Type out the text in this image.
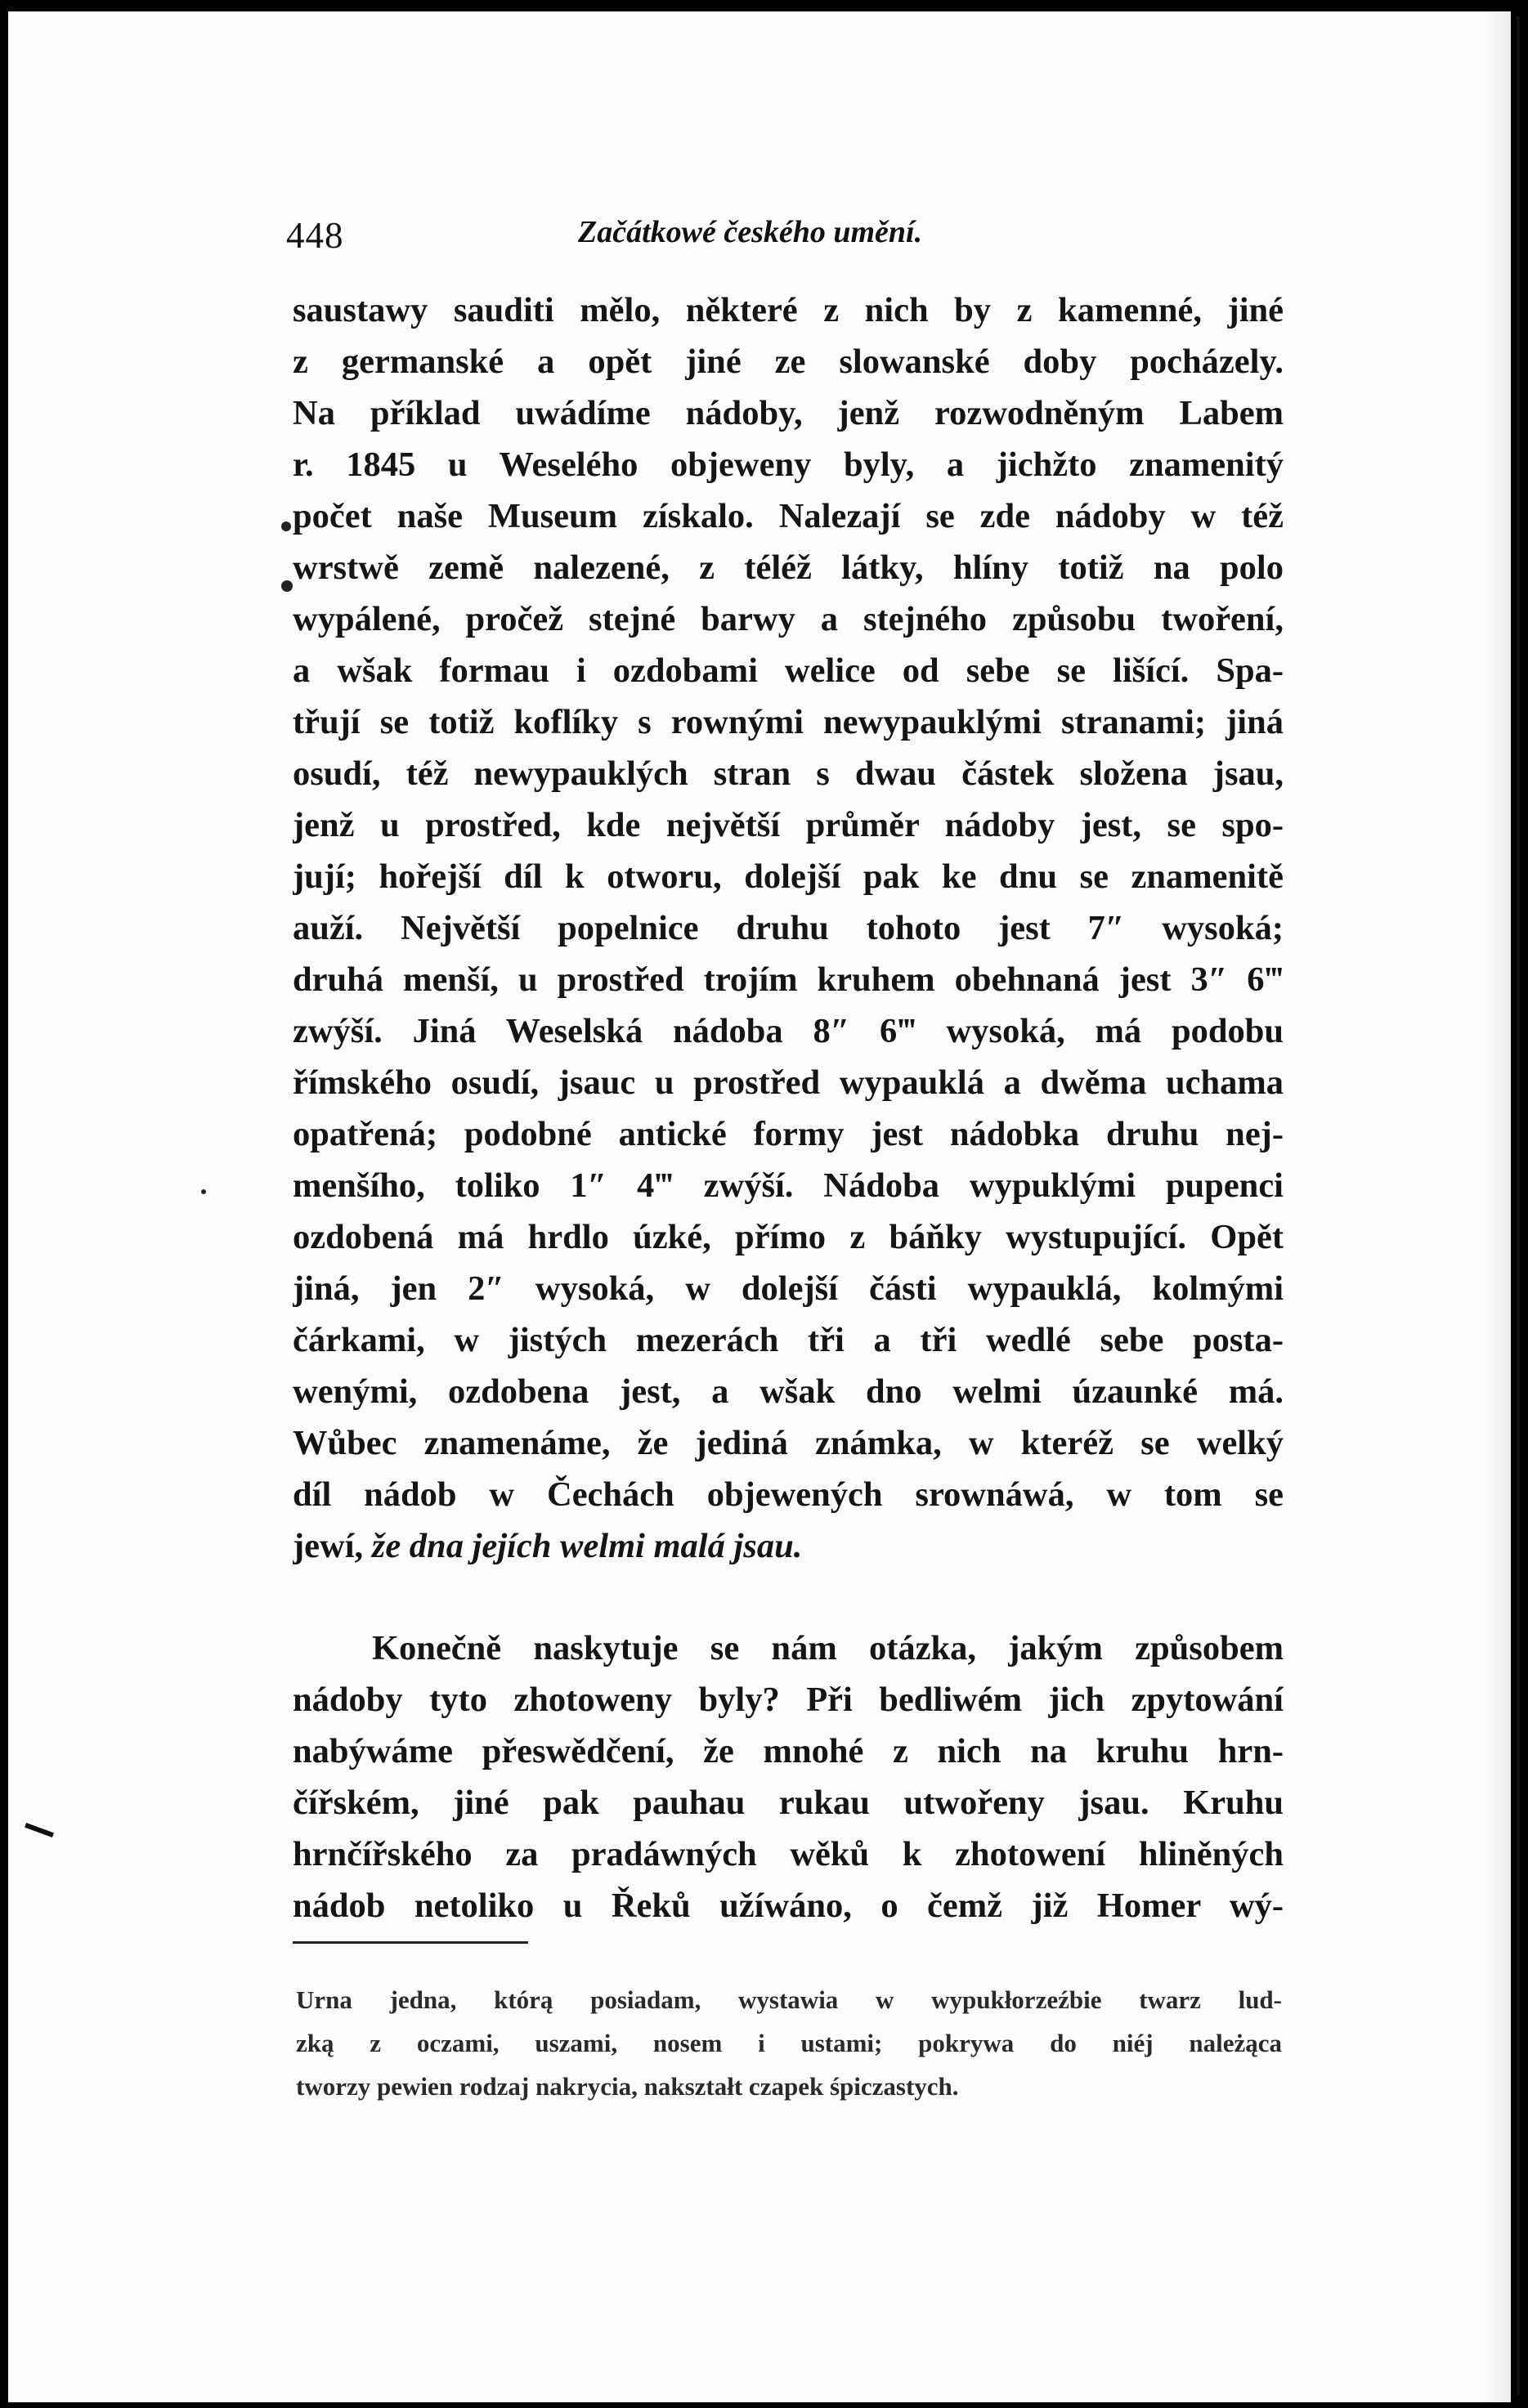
448	Začátkowé českého umění.
saustawy sauditi mělo, některé z nich by z kamenné, jiné
z germanské a opět jiné ze slowanské doby pocházely.
Na příklad uwádíme nádoby, jenž rozwodněným Labem
r. 1845 u Weselého objeweny byly, a jichžto znamenitý
počet naše Museum získalo. Nalezají se zde nádoby w též
wrstwě země nalezené, z téléž látky, hlíny totiž na polo
wypálené, pročež stejné barwy a stejného způsobu twoření,
a wšak formau i ozdobami welice od sebe se lišící. Spa-
třují se totiž koflíky s rownými newypauklými stranami; jiná
osudí, též newypauklých stran s dwau částek složena jsau,
jenž u prostřed, kde největší průměr nádoby jest, se spo-
jují; hořejší díl k otworu, dolejší pak ke dnu se znamenitě
auží. Největší popelnice druhu tohoto jest 7″ wysoká;
druhá menší, u prostřed trojím kruhem obehnaná jest 3″ 6‴
zwýší. Jiná Weselská nádoba 8″ 6‴ wysoká, má podobu
římského osudí, jsauc u prostřed wypauklá a dwěma uchama
opatřená; podobné antické formy jest nádobka druhu nej-
menšího, toliko 1″ 4‴ zwýší. Nádoba wypuklými pupenci
ozdobená má hrdlo úzké, přímo z báňky wystupující. Opět
jiná, jen 2″ wysoká, w dolejší části wypauklá, kolmými
čárkami, w jistých mezerách tři a tři wedlé sebe posta-
wenými, ozdobena jest, a wšak dno welmi úzaunké má.
Wůbec znamenáme, že jediná známka, w kteréž se welký
díl nádob w Čechách objewených srownáwá, w tom se
jewí, že dna jejích welmi malá jsau.
Konečně naskytuje se nám otázka, jakým způsobem
nádoby tyto zhotoweny byly? Při bedliwém jich zpytowání
nabýwáme přeswědčení, že mnohé z nich na kruhu hrn-
čířském, jiné pak pauhau rukau utwořeny jsau. Kruhu
hrnčířského za pradáwných wěků k zhotowení hliněných
nádob netoliko u Řeků užíwáno, o čemž již Homer wý-
Urna jedna, którą posiadam, wystawia w wypukłorzeźbie twarz lud-
zką z oczami, uszami, nosem i ustami; pokrywa do niéj należąca
tworzy pewien rodzaj nakrycia, nakształt czapek śpiczastych.
